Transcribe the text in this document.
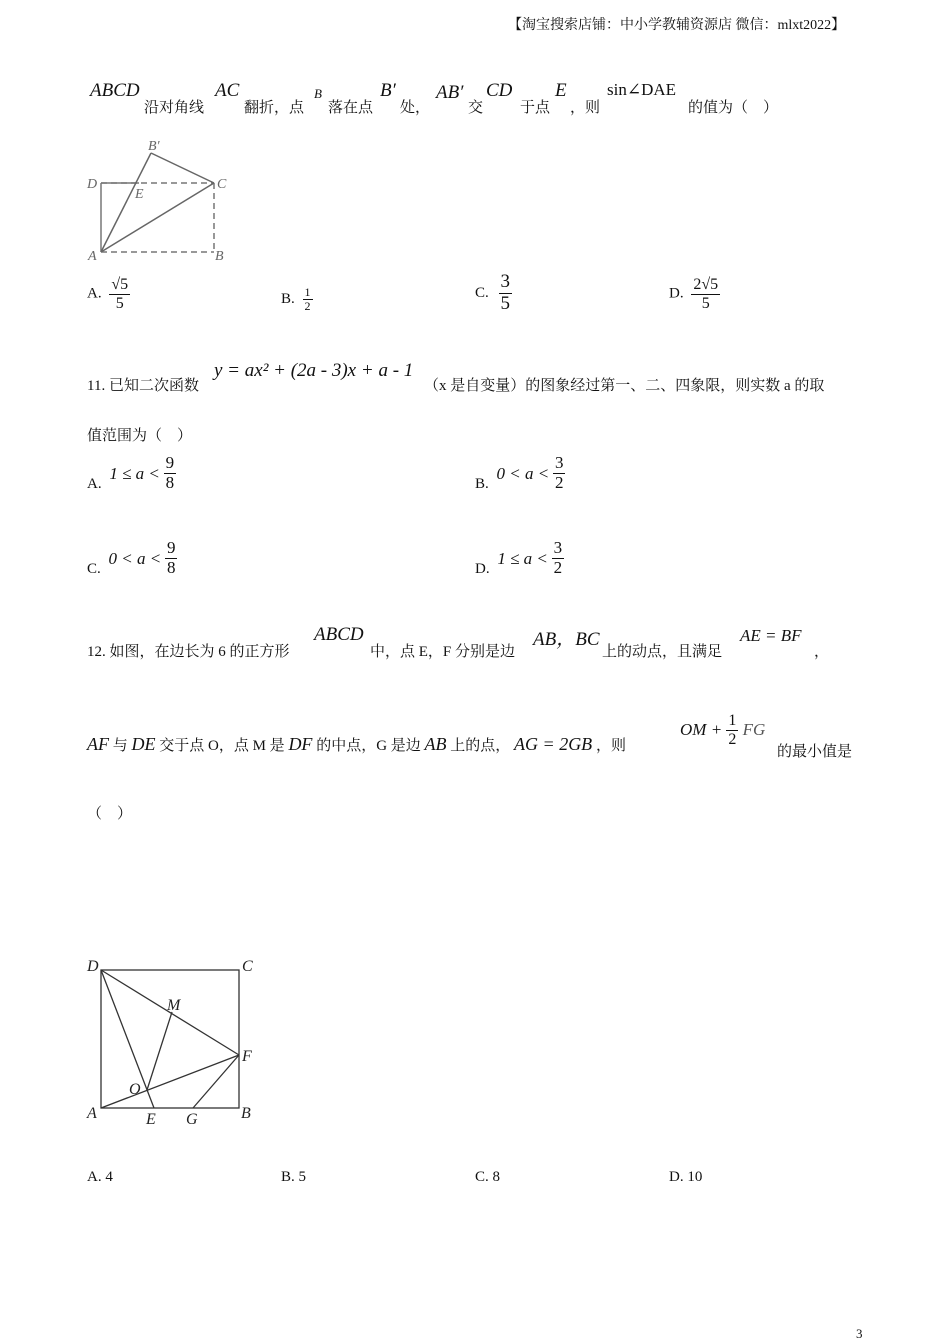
【淘宝搜索店铺：中小学教辅资源店 微信：mlxt2022】
ABCD
沿对角线
AC
翻折，点
B
落在点
B′
处，
AB′
交
CD
于点
E
，则
sin∠DAE
的值为（　）
B′
D
E
C
A	B
A. $\frac{√5}{5}$	B. $\frac{1}{2}$	C. $\frac{3}{5}$	D. $\frac{2√5}{5}$
11. 已知二次函数
y = ax² + (2a - 3)x + a - 1
（x 是自变量）的图象经过第一、二、四象限，则实数 a 的取
值范围为（　）
A. $1 \le a < \frac{9}{8}$	B. $0 < a < \frac{3}{2}$
C. $0 < a < \frac{9}{8}$	D. $1 \le a < \frac{3}{2}$
12. 如图，在边长为 6 的正方形
ABCD
中，点 E，F 分别是边
AB，BC
上的动点，且满足
AE = BF
，
AF 与 DE 交于点 O，点 M 是 DF 的中点，G 是边 AB 上的点， AG = 2GB ，则
OM + $\frac{1}{2}$ FG
的最小值是
（　）
D	C
M
F
O
A	E G	B
A. 4	B. 5	C. 8	D. 10
3
